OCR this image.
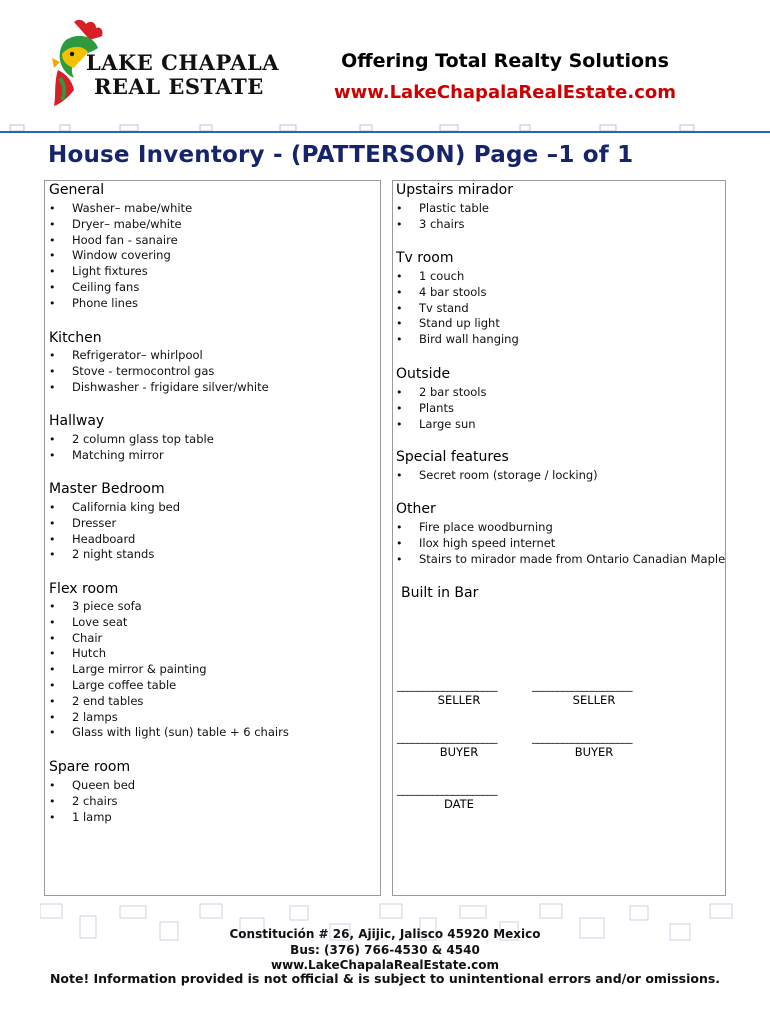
LAKE CHAPALA
REAL ESTATE
Offering Total Realty Solutions
www.LakeChapalaRealEstate.com
House Inventory - (PATTERSON) Page –1 of 1
General
• Washer– mabe/white
• Dryer– mabe/white
• Hood fan - sanaire
• Window covering
• Light fixtures
• Ceiling fans
• Phone lines
Kitchen
• Refrigerator– whirlpool
• Stove - termocontrol gas
• Dishwasher - frigidare silver/white
Hallway
• 2 column glass top table
• Matching mirror
Master Bedroom
• California king bed
• Dresser
• Headboard
• 2 night stands
Flex room
• 3 piece sofa
• Love seat
• Chair
• Hutch
• Large mirror & painting
• Large coffee table
• 2 end tables
• 2 lamps
• Glass with light (sun) table + 6 chairs
Spare room
• Queen bed
• 2 chairs
• 1 lamp
Upstairs mirador
• Plastic table
• 3 chairs
Tv room
• 1 couch
• 4 bar stools
• Tv stand
• Stand up light
• Bird wall hanging
Outside
• 2 bar stools
• Plants
• Large sun
Special features
• Secret room (storage / locking)
Other
• Fire place woodburning
• Ilox high speed internet
• Stairs to mirador made from Ontario Canadian Maple
Built in Bar
____________________
SELLER
____________________
SELLER
____________________
BUYER
____________________
BUYER
____________________
DATE
Constitución # 26, Ajijic, Jalisco 45920 Mexico
Bus: (376) 766-4530 & 4540
www.LakeChapalaRealEstate.com
Note! Information provided is not official & is subject to unintentional errors and/or omissions.
